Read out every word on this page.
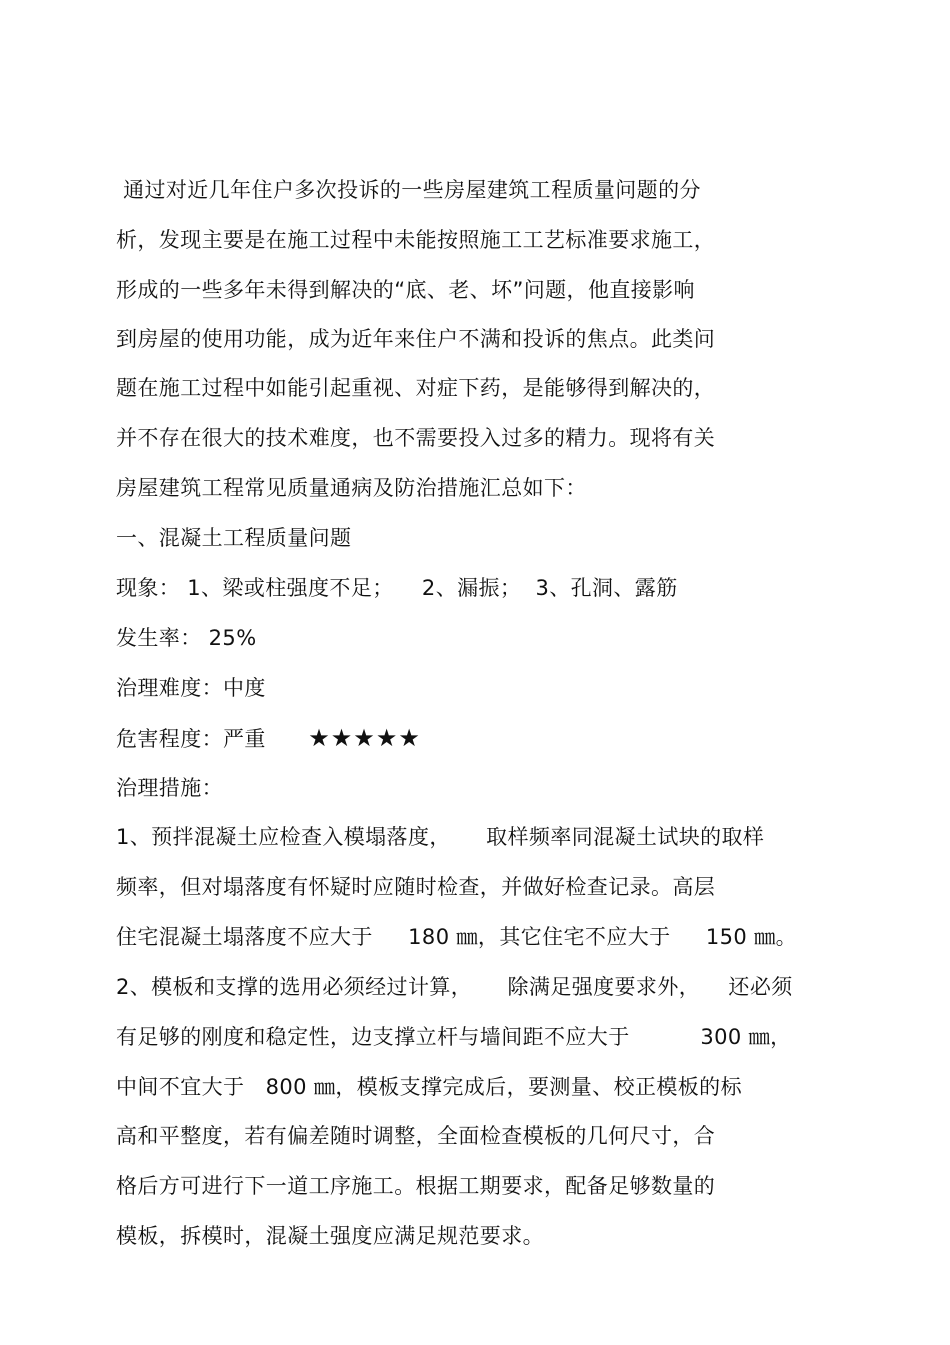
通过对近几年住户多次投诉的一些房屋建筑工程质量问题的分
析，发现主要是在施工过程中未能按照施工工艺标准要求施工，
形成的一些多年未得到解决的“底、老、坏”问题，他直接影响
到房屋的使用功能，成为近年来住户不满和投诉的焦点。此类问
题在施工过程中如能引起重视、对症下药，是能够得到解决的，
并不存在很大的技术难度，也不需要投入过多的精力。现将有关
房屋建筑工程常见质量通病及防治措施汇总如下：
一、混凝土工程质量问题
现象： 1、梁或柱强度不足；    2、漏振；  3、孔洞、露筋
发生率： 25%
治理难度：中度
危害程度：严重 ★★★★★
治理措施：
1、预拌混凝土应检查入模塌落度，     取样频率同混凝土试块的取样
频率，但对塌落度有怀疑时应随时检查，并做好检查记录。高层
住宅混凝土塌落度不应大于     180 ㎜，其它住宅不应大于     150 ㎜。
2、模板和支撑的选用必须经过计算，     除满足强度要求外，    还必须
有足够的刚度和稳定性，边支撑立杆与墙间距不应大于          300 ㎜，
中间不宜大于   800 ㎜，模板支撑完成后，要测量、校正模板的标
高和平整度，若有偏差随时调整，全面检查模板的几何尺寸，合
格后方可进行下一道工序施工。根据工期要求，配备足够数量的
模板，拆模时，混凝土强度应满足规范要求。
